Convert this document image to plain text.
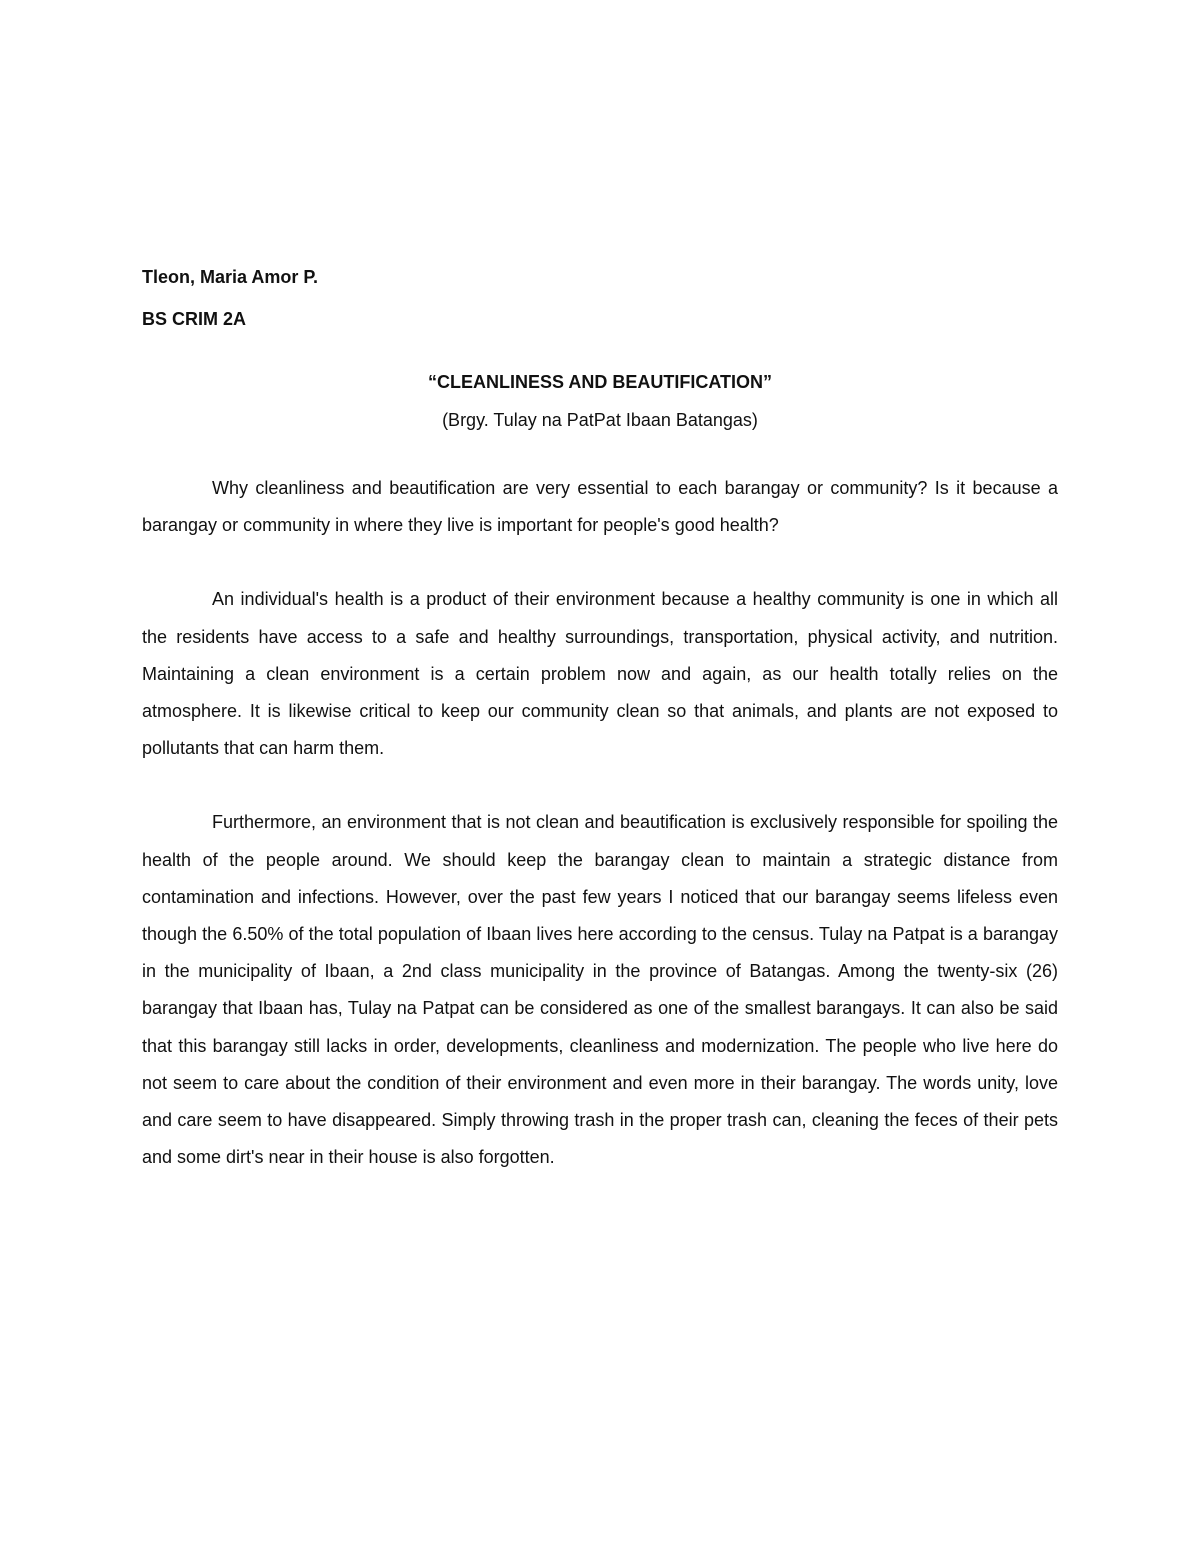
Tleon, Maria Amor P.
BS CRIM 2A
“CLEANLINESS AND BEAUTIFICATION”
(Brgy. Tulay na PatPat Ibaan Batangas)

Why cleanliness and beautification are very essential to each barangay or community? Is it because a barangay or community in where they live is important for people's good health?

An individual's health is a product of their environment because a healthy community is one in which all the residents have access to a safe and healthy surroundings, transportation, physical activity, and nutrition. Maintaining a clean environment is a certain problem now and again, as our health totally relies on the atmosphere. It is likewise critical to keep our community clean so that animals, and plants are not exposed to pollutants that can harm them.

Furthermore, an environment that is not clean and beautification is exclusively responsible for spoiling the health of the people around. We should keep the barangay clean to maintain a strategic distance from contamination and infections. However, over the past few years I noticed that our barangay seems lifeless even though the 6.50% of the total population of Ibaan lives here according to the census. Tulay na Patpat is a barangay in the municipality of Ibaan, a 2nd class municipality in the province of Batangas. Among the twenty-six (26) barangay that Ibaan has, Tulay na Patpat can be considered as one of the smallest barangays. It can also be said that this barangay still lacks in order, developments, cleanliness and modernization. The people who live here do not seem to care about the condition of their environment and even more in their barangay. The words unity, love and care seem to have disappeared. Simply throwing trash in the proper trash can, cleaning the feces of their pets and some dirt's near in their house is also forgotten.
